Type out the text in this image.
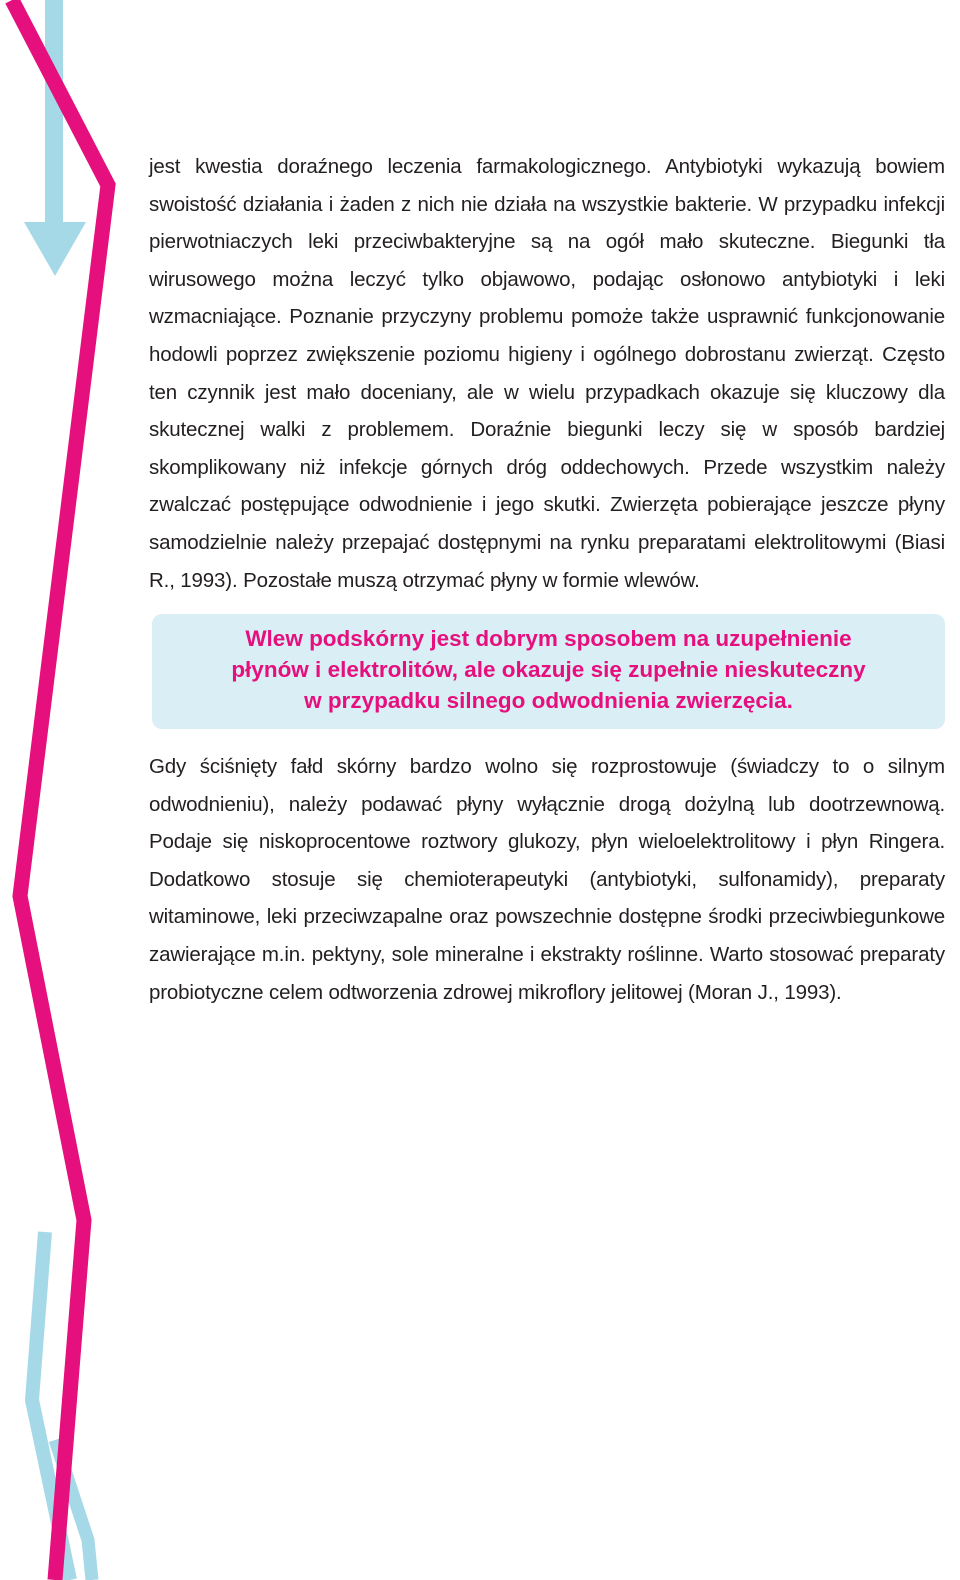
jest kwestia doraźnego leczenia farmakologicznego. Antybiotyki wykazują bowiem swoistość działania i żaden z nich nie działa na wszystkie bakterie. W przypadku infekcji pierwotniaczych leki przeciwbakteryjne są na ogół mało skuteczne. Biegunki tła wirusowego można leczyć tylko objawowo, podając osłonowo antybiotyki i leki wzmacniające. Poznanie przyczyny problemu pomoże także usprawnić funkcjonowanie hodowli poprzez zwiększenie poziomu higieny i ogólnego dobrostanu zwierząt. Często ten czynnik jest mało doceniany, ale w wielu przypadkach okazuje się kluczowy dla skutecznej walki z problemem. Doraźnie biegunki leczy się w sposób bardziej skomplikowany niż infekcje górnych dróg oddechowych. Przede wszystkim należy zwalczać postępujące odwodnienie i jego skutki. Zwierzęta pobierające jeszcze płyny samodzielnie należy przepajać dostępnymi na rynku preparatami elektrolitowymi (Biasi R., 1993). Pozostałe muszą otrzymać płyny w formie wlewów.

Wlew podskórny jest dobrym sposobem na uzupełnienie

płynów i elektrolitów, ale okazuje się zupełnie nieskuteczny

w przypadku silnego odwodnienia zwierzęcia.

Gdy ściśnięty fałd skórny bardzo wolno się rozprostowuje (świadczy to o silnym odwodnieniu), należy podawać płyny wyłącznie drogą dożylną lub dootrzewnową. Podaje się niskoprocentowe roztwory glukozy, płyn wieloelektrolitowy i płyn Ringera. Dodatkowo stosuje się chemioterapeutyki (antybiotyki, sulfonamidy), preparaty witaminowe, leki przeciwzapalne oraz powszechnie dostępne środki przeciwbiegunkowe zawierające m.in. pektyny, sole mineralne i ekstrakty roślinne. Warto stosować preparaty probiotyczne celem odtworzenia zdrowej mikroflory jelitowej (Moran J., 1993).
